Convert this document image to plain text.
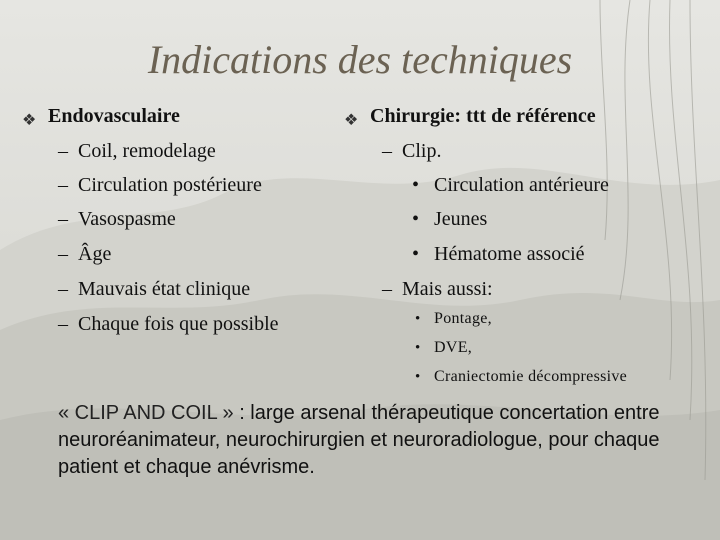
Indications des techniques
❖ Endovasculaire
– Coil, remodelage
– Circulation postérieure
– Vasospasme
– Âge
– Mauvais état clinique
– Chaque fois que possible
❖ Chirurgie: ttt de référence
– Clip.
• Circulation antérieure
• Jeunes
• Hématome associé
– Mais aussi:
• Pontage,
• DVE,
• Craniectomie décompressive
« CLIP AND COIL » : large arsenal thérapeutique concertation entre neuroréanimateur, neurochirurgien et neuroradiologue, pour chaque patient et chaque anévrisme.
